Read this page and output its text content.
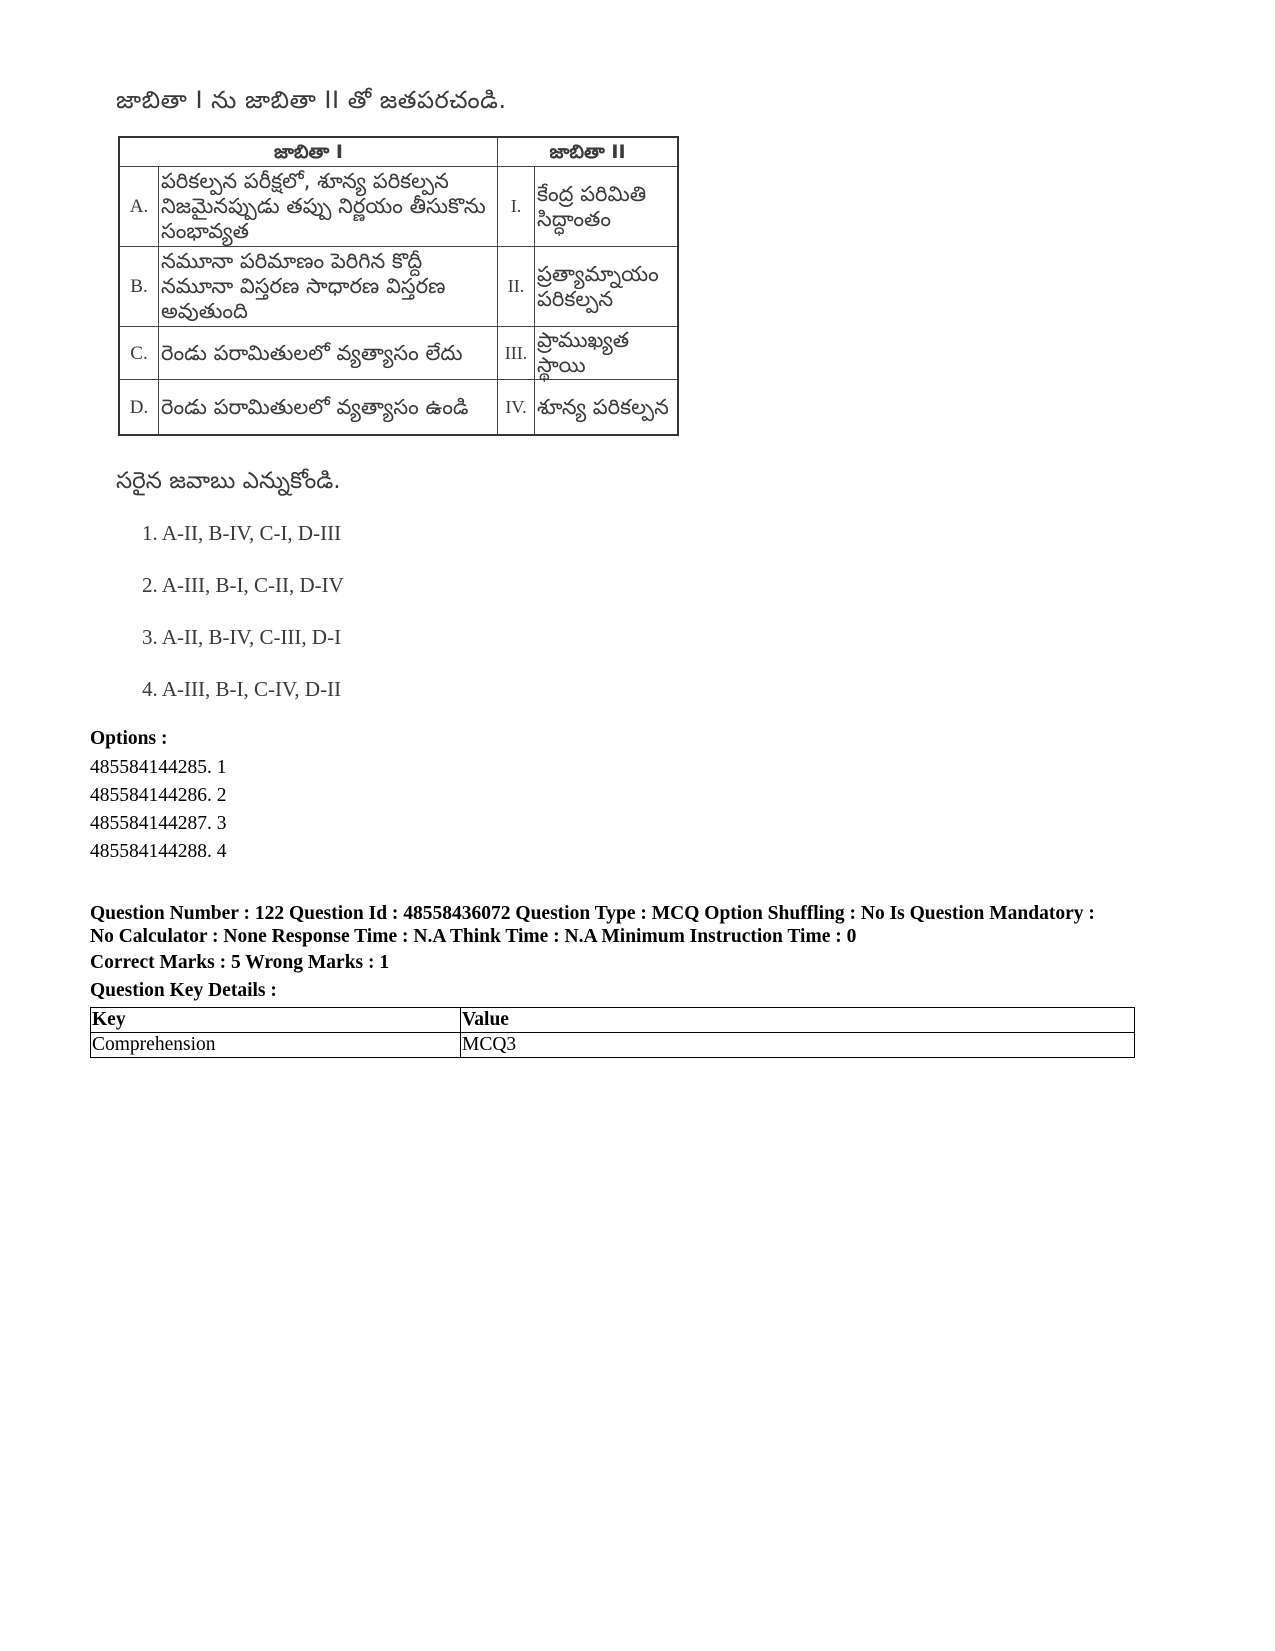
జాబితా I ను జాబితా II తో జతపరచండి.
జాబితా I		జాబితా II	
A.	పరికల్పన పరీక్షలో, శూన్య పరికల్పన నిజమైనప్పుడు తప్పు నిర్ణయం తీసుకొను సంభావ్యత	I.	కేంద్ర పరిమితి సిద్ధాంతం
B.	నమూనా పరిమాణం పెరిగిన కొద్దీ నమూనా విస్తరణ సాధారణ విస్తరణ అవుతుంది	II.	ప్రత్యామ్నాయం పరికల్పన
C.	రెండు పరామితులలో వ్యత్యాసం లేదు	III.	ప్రాముఖ్యత స్థాయి
D.	రెండు పరామితులలో వ్యత్యాసం ఉండి	IV.	శూన్య పరికల్పన
సరైన జవాబు ఎన్నుకోండి.
1. A-II, B-IV, C-I, D-III
2. A-III, B-I, C-II, D-IV
3. A-II, B-IV, C-III, D-I
4. A-III, B-I, C-IV, D-II
Options :
485584144285. 1
485584144286. 2
485584144287. 3
485584144288. 4
Question Number : 122 Question Id : 48558436072 Question Type : MCQ Option Shuffling : No Is Question Mandatory :
No Calculator : None Response Time : N.A Think Time : N.A Minimum Instruction Time : 0
Correct Marks : 5 Wrong Marks : 1
Question Key Details :
Key	Value
Comprehension	MCQ3
